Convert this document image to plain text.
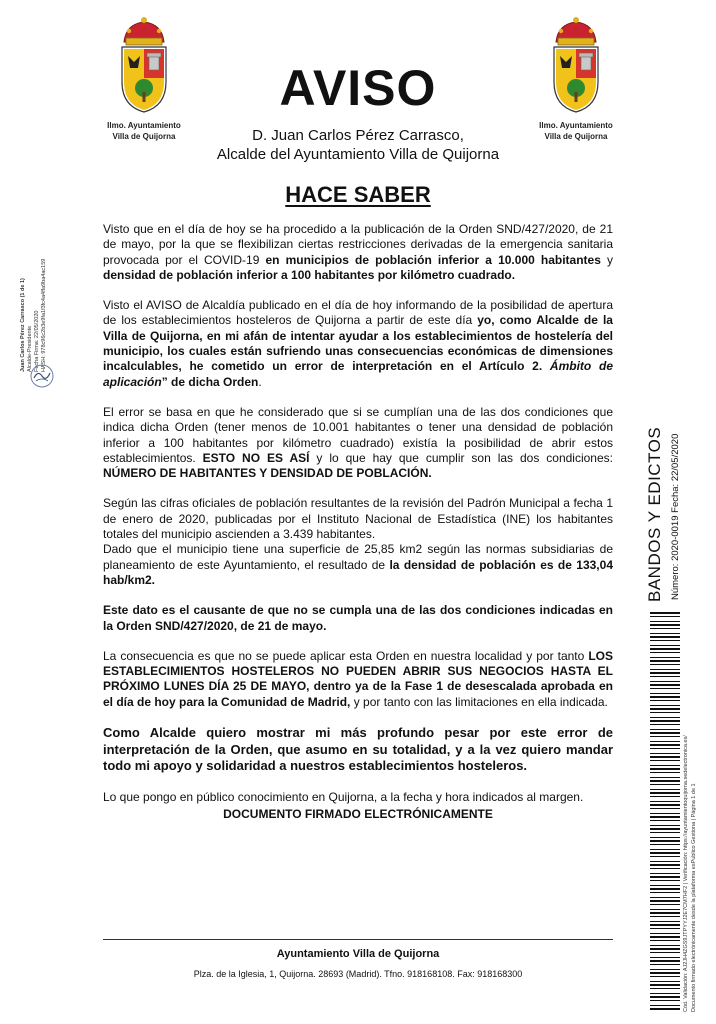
Ilmo. Ayuntamiento
Villa de Quijorna
Ilmo. Ayuntamiento
Villa de Quijorna
AVISO
D. Juan Carlos Pérez Carrasco,
Alcalde del Ayuntamiento Villa de Quijorna
HACE SABER

Visto que en el día de hoy se ha procedido a la publicación de la Orden SND/427/2020, de 21 de mayo, por la que se flexibilizan ciertas restricciones derivadas de la emergencia sanitaria provocada por el COVID-19 en municipios de población inferior a 10.000 habitantes y densidad de población inferior a 100 habitantes por kilómetro cuadrado.

Visto el AVISO de Alcaldía publicado en el día de hoy informando de la posibilidad de apertura de los establecimientos hosteleros de Quijorna a partir de este día yo, como Alcalde de la Villa de Quijorna, en mi afán de intentar ayudar a los establecimientos de hostelería del municipio, los cuales están sufriendo unas consecuencias económicas de dimensiones incalculables, he cometido un error de interpretación en el Artículo 2. Ámbito de aplicación” de dicha Orden.

El error se basa en que he considerado que si se cumplían una de las dos condiciones que indica dicha Orden (tener menos de 10.001 habitantes o tener una densidad de población inferior a 100 habitantes por kilómetro cuadrado) existía la posibilidad de abrir estos establecimientos. ESTO NO ES ASÍ y lo que hay que cumplir son las dos condiciones: NÚMERO DE HABITANTES Y DENSIDAD DE POBLACIÓN.

Según las cifras oficiales de población resultantes de la revisión del Padrón Municipal a fecha 1 de enero de 2020, publicadas por el Instituto Nacional de Estadística (INE) los habitantes totales del municipio ascienden a 3.439 habitantes.

Dado que el municipio tiene una superficie de 25,85 km2 según las normas subsidiarias de planeamiento de este Ayuntamiento, el resultado de la densidad de población es de 133,04 hab/km2.

Este dato es el causante de que no se cumpla una de las dos condiciones indicadas en la Orden SND/427/2020, de 21 de mayo.

La consecuencia es que no se puede aplicar esta Orden en nuestra localidad y por tanto LOS ESTABLECIMIENTOS HOSTELEROS NO PUEDEN ABRIR SUS NEGOCIOS HASTA EL PRÓXIMO LUNES DÍA 25 DE MAYO, dentro ya de la Fase 1 de desescalada aprobada en el día de hoy para la Comunidad de Madrid, y por tanto con las limitaciones en ella indicada.

Como Alcalde quiero mostrar mi más profundo pesar por este error de interpretación de la Orden, que asumo en su totalidad, y a la vez quiero mandar todo mi apoyo y solidaridad a nuestros establecimientos hosteleros.

Lo que pongo en público conocimiento en Quijorna, a la fecha y hora indicados al margen.

DOCUMENTO FIRMADO ELECTRÓNICAMENTE

Ayuntamiento Villa de Quijorna
Plza. de la Iglesia, 1, Quijorna. 28693 (Madrid). Tfno. 918168108. Fax: 918168300
Juan Carlos Pérez Carrasco (1 de 1) Alcalde-Presidente Fecha Firma: 22/05/2020 HASH: 978c96c2b3e9fa1f3fc4a4ffa9ba4ac159
BANDOS Y EDICTOS Número: 2020-0019 Fecha: 22/05/2020
Cód. Validación: AJ2JH4ZGS9JTPYYJ2E7CM7HF2 | Verificación: https://ayuntamientoquijorna.sedelectronica.es/ Documento firmado electrónicamente desde la plataforma esPublico Gestiona | Página 1 de 1
